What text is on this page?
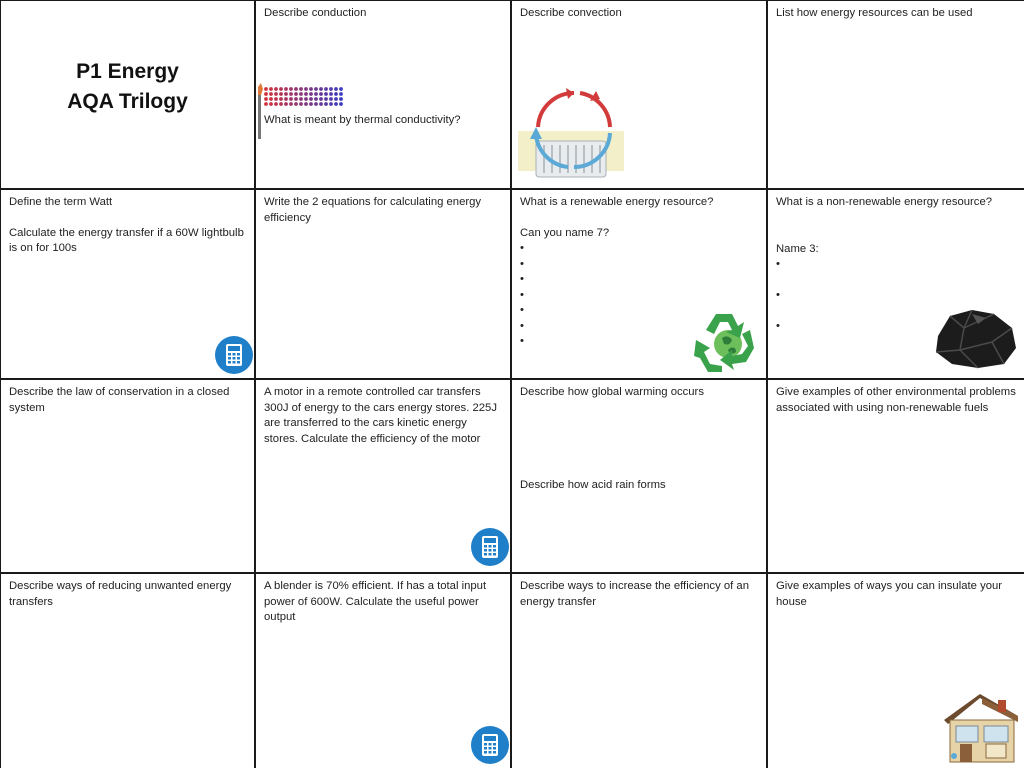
P1 Energy
AQA Trilogy
Describe conduction
What is meant by thermal conductivity?
Describe convection	List how energy resources can be used
Define the term Watt
Calculate the energy transfer if a 60W lightbulb is on for 100s
Write the 2 equations for calculating energy efficiency
What is a renewable energy resource?
Can you name 7?
•
•
•
•
•
•
•
What is a non-renewable energy resource?
Name 3:
•
•
•
Describe the law of conservation in a closed system
A motor in a remote controlled car transfers 300J of energy to the cars energy stores. 225J are transferred to the cars kinetic energy stores. Calculate the efficiency of the motor
Describe how global warming occurs
Describe how acid rain forms
Give examples of other environmental problems associated with using non-renewable fuels
Describe ways of reducing unwanted energy transfers
A blender is 70% efficient. If has a total input power of 600W. Calculate the useful power output
Describe ways to increase the efficiency of an energy transfer
Give examples of ways you can insulate your house
